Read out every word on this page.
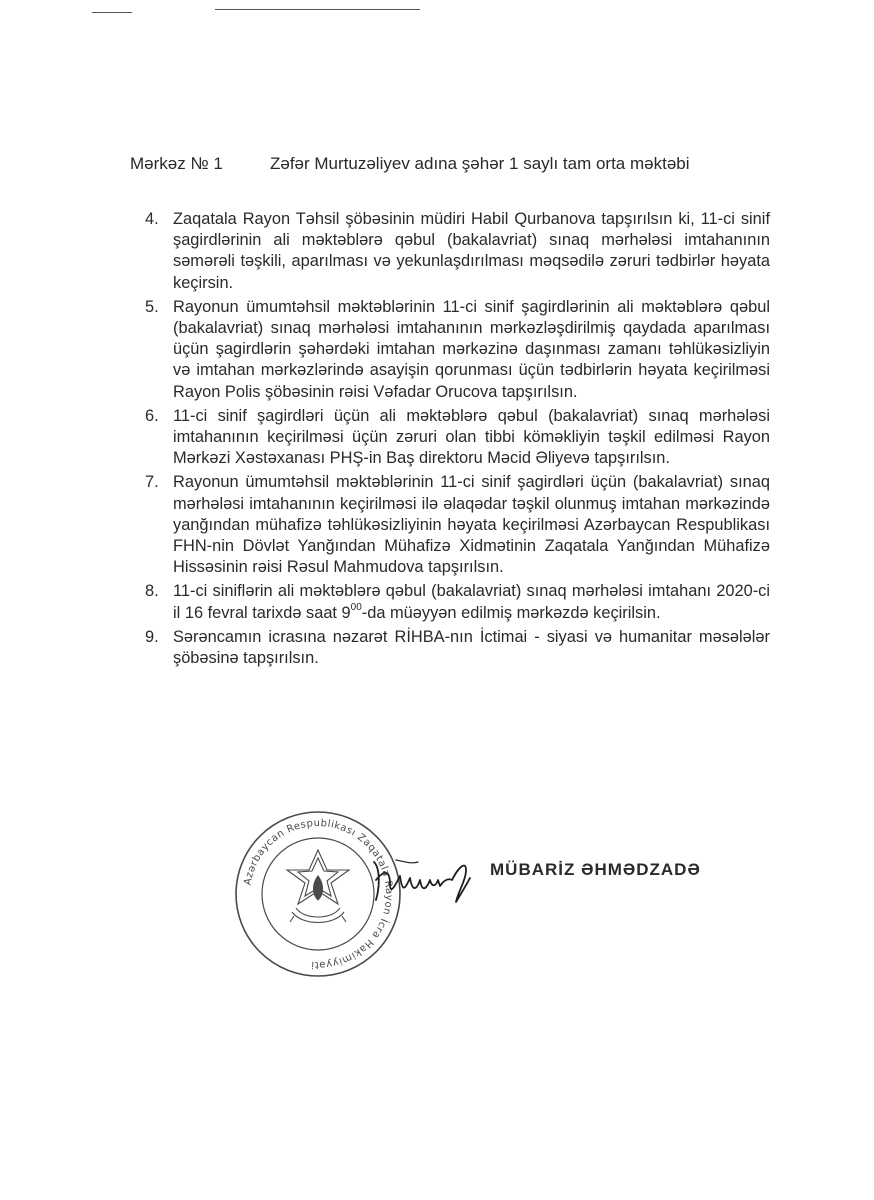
Mərkəz № 1	Zəfər Murtuzəliyev adına şəhər 1 saylı tam orta məktəbi
4. Zaqatala Rayon Təhsil şöbəsinin müdiri Habil Qurbanova tapşırılsın ki, 11-ci sinif şagirdlərinin ali məktəblərə qəbul (bakalavriat) sınaq mərhələsi imtahanının səmərəli təşkili, aparılması və yekunlaşdırılması məqsədilə zəruri tədbirlər həyata keçirsin.
5. Rayonun ümumtəhsil məktəblərinin 11-ci sinif şagirdlərinin ali məktəblərə qəbul (bakalavriat) sınaq mərhələsi imtahanının mərkəzləşdirilmiş qaydada aparılması üçün şagirdlərin şəhərdəki imtahan mərkəzinə daşınması zamanı təhlükəsizliyin və imtahan mərkəzlərində asayişin qorunması üçün tədbirlərin həyata keçirilməsi Rayon Polis şöbəsinin rəisi Vəfadar Orucova tapşırılsın.
6. 11-ci sinif şagirdləri üçün ali məktəblərə qəbul (bakalavriat) sınaq mərhələsi imtahanının keçirilməsi üçün zəruri olan tibbi köməkliyin təşkil edilməsi Rayon Mərkəzi Xəstəxanası PHŞ-in Baş direktoru Məcid Əliyevə tapşırılsın.
7. Rayonun ümumtəhsil məktəblərinin 11-ci sinif şagirdləri üçün (bakalavriat) sınaq mərhələsi imtahanının keçirilməsi ilə əlaqədar təşkil olunmuş imtahan mərkəzində yanğından mühafizə təhlükəsizliyinin həyata keçirilməsi Azərbaycan Respublikası FHN-nin Dövlət Yanğından Mühafizə Xidmətinin Zaqatala Yanğından Mühafizə Hissəsinin rəisi Rəsul Mahmudova tapşırılsın.
8. 11-ci siniflərin ali məktəblərə qəbul (bakalavriat) sınaq mərhələsi imtahanı 2020-ci il 16 fevral tarixdə saat $9^{00}-da$ müəyyən edilmiş mərkəzdə keçirilsin.
9. Sərəncamın icrasına nəzarət RİHBA-nın İctimai - siyasi və humanitar məsələlər şöbəsinə tapşırılsın.
Azərbaycan Respublikası Zaqatala Rayon İcra Hakimiyyəti
MÜBARİZ ƏHMƏDZADƏ
